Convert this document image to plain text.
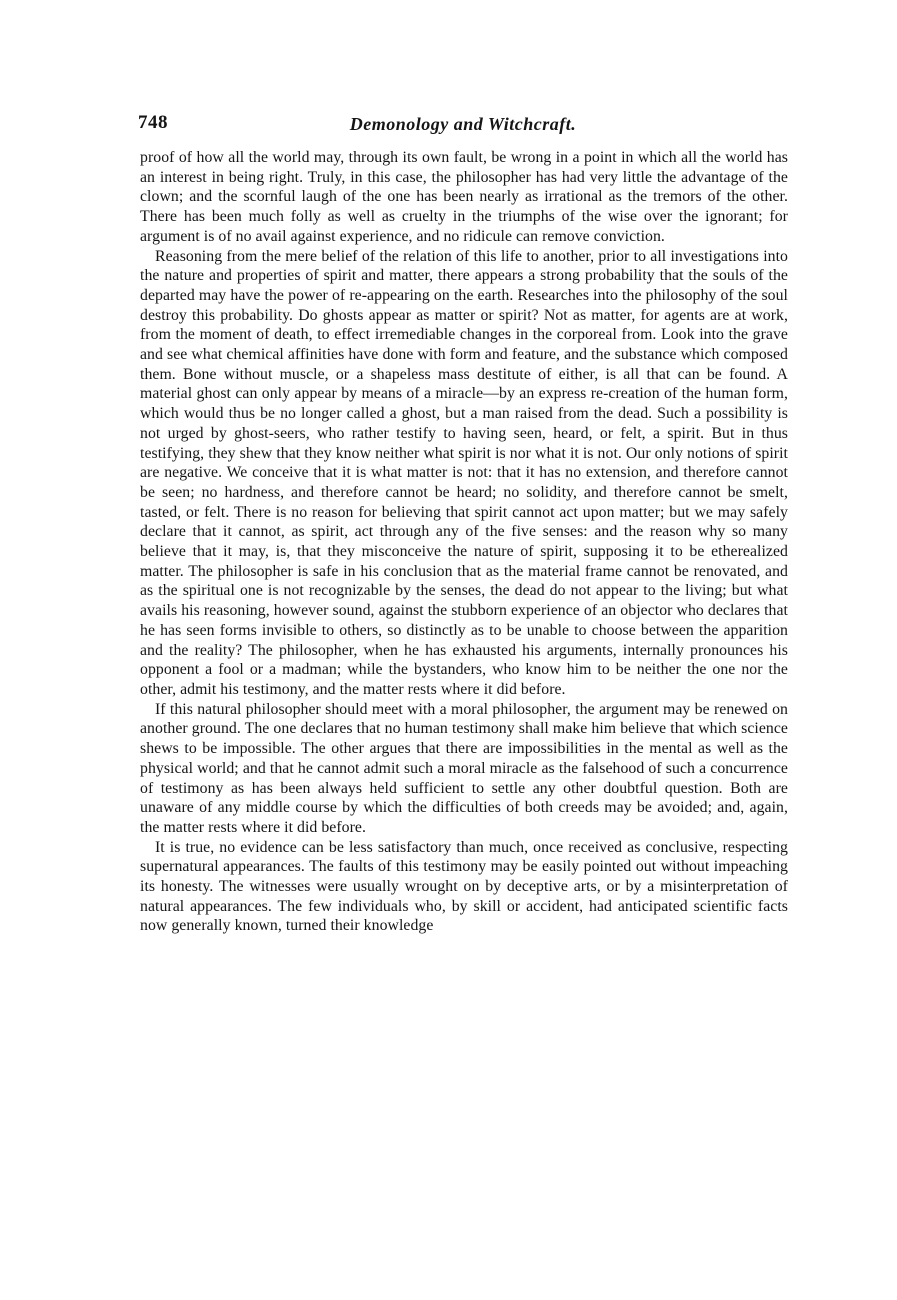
748	Demonology and Witchcraft.

proof of how all the world may, through its own fault, be wrong in a point in which all the world has an interest in being right. Truly, in this case, the philosopher has had very little the advantage of the clown; and the scornful laugh of the one has been nearly as irrational as the tremors of the other. There has been much folly as well as cruelty in the triumphs of the wise over the ignorant; for argument is of no avail against experience, and no ridicule can remove conviction.

Reasoning from the mere belief of the relation of this life to another, prior to all investigations into the nature and properties of spirit and matter, there appears a strong probability that the souls of the departed may have the power of re-appearing on the earth. Researches into the philosophy of the soul destroy this probability. Do ghosts appear as matter or spirit? Not as matter, for agents are at work, from the moment of death, to effect irremediable changes in the corporeal from. Look into the grave and see what chemical affinities have done with form and feature, and the substance which composed them. Bone without muscle, or a shapeless mass destitute of either, is all that can be found. A material ghost can only appear by means of a miracle—by an express re-creation of the human form, which would thus be no longer called a ghost, but a man raised from the dead. Such a possibility is not urged by ghost-seers, who rather testify to having seen, heard, or felt, a spirit. But in thus testifying, they shew that they know neither what spirit is nor what it is not. Our only notions of spirit are negative. We conceive that it is what matter is not: that it has no extension, and therefore cannot be seen; no hardness, and therefore cannot be heard; no solidity, and therefore cannot be smelt, tasted, or felt. There is no reason for believing that spirit cannot act upon matter; but we may safely declare that it cannot, as spirit, act through any of the five senses: and the reason why so many believe that it may, is, that they misconceive the nature of spirit, supposing it to be etherealized matter. The philosopher is safe in his conclusion that as the material frame cannot be renovated, and as the spiritual one is not recognizable by the senses, the dead do not appear to the living; but what avails his reasoning, however sound, against the stubborn experience of an objector who declares that he has seen forms invisible to others, so distinctly as to be unable to choose between the apparition and the reality? The philosopher, when he has exhausted his arguments, internally pronounces his opponent a fool or a madman; while the bystanders, who know him to be neither the one nor the other, admit his testimony, and the matter rests where it did before.

If this natural philosopher should meet with a moral philosopher, the argument may be renewed on another ground. The one declares that no human testimony shall make him believe that which science shews to be impossible. The other argues that there are impossibilities in the mental as well as the physical world; and that he cannot admit such a moral miracle as the falsehood of such a concurrence of testimony as has been always held sufficient to settle any other doubtful question. Both are unaware of any middle course by which the difficulties of both creeds may be avoided; and, again, the matter rests where it did before.

It is true, no evidence can be less satisfactory than much, once received as conclusive, respecting supernatural appearances. The faults of this testimony may be easily pointed out without impeaching its honesty. The witnesses were usually wrought on by deceptive arts, or by a misinterpretation of natural appearances. The few individuals who, by skill or accident, had anticipated scientific facts now generally known, turned their knowledge
